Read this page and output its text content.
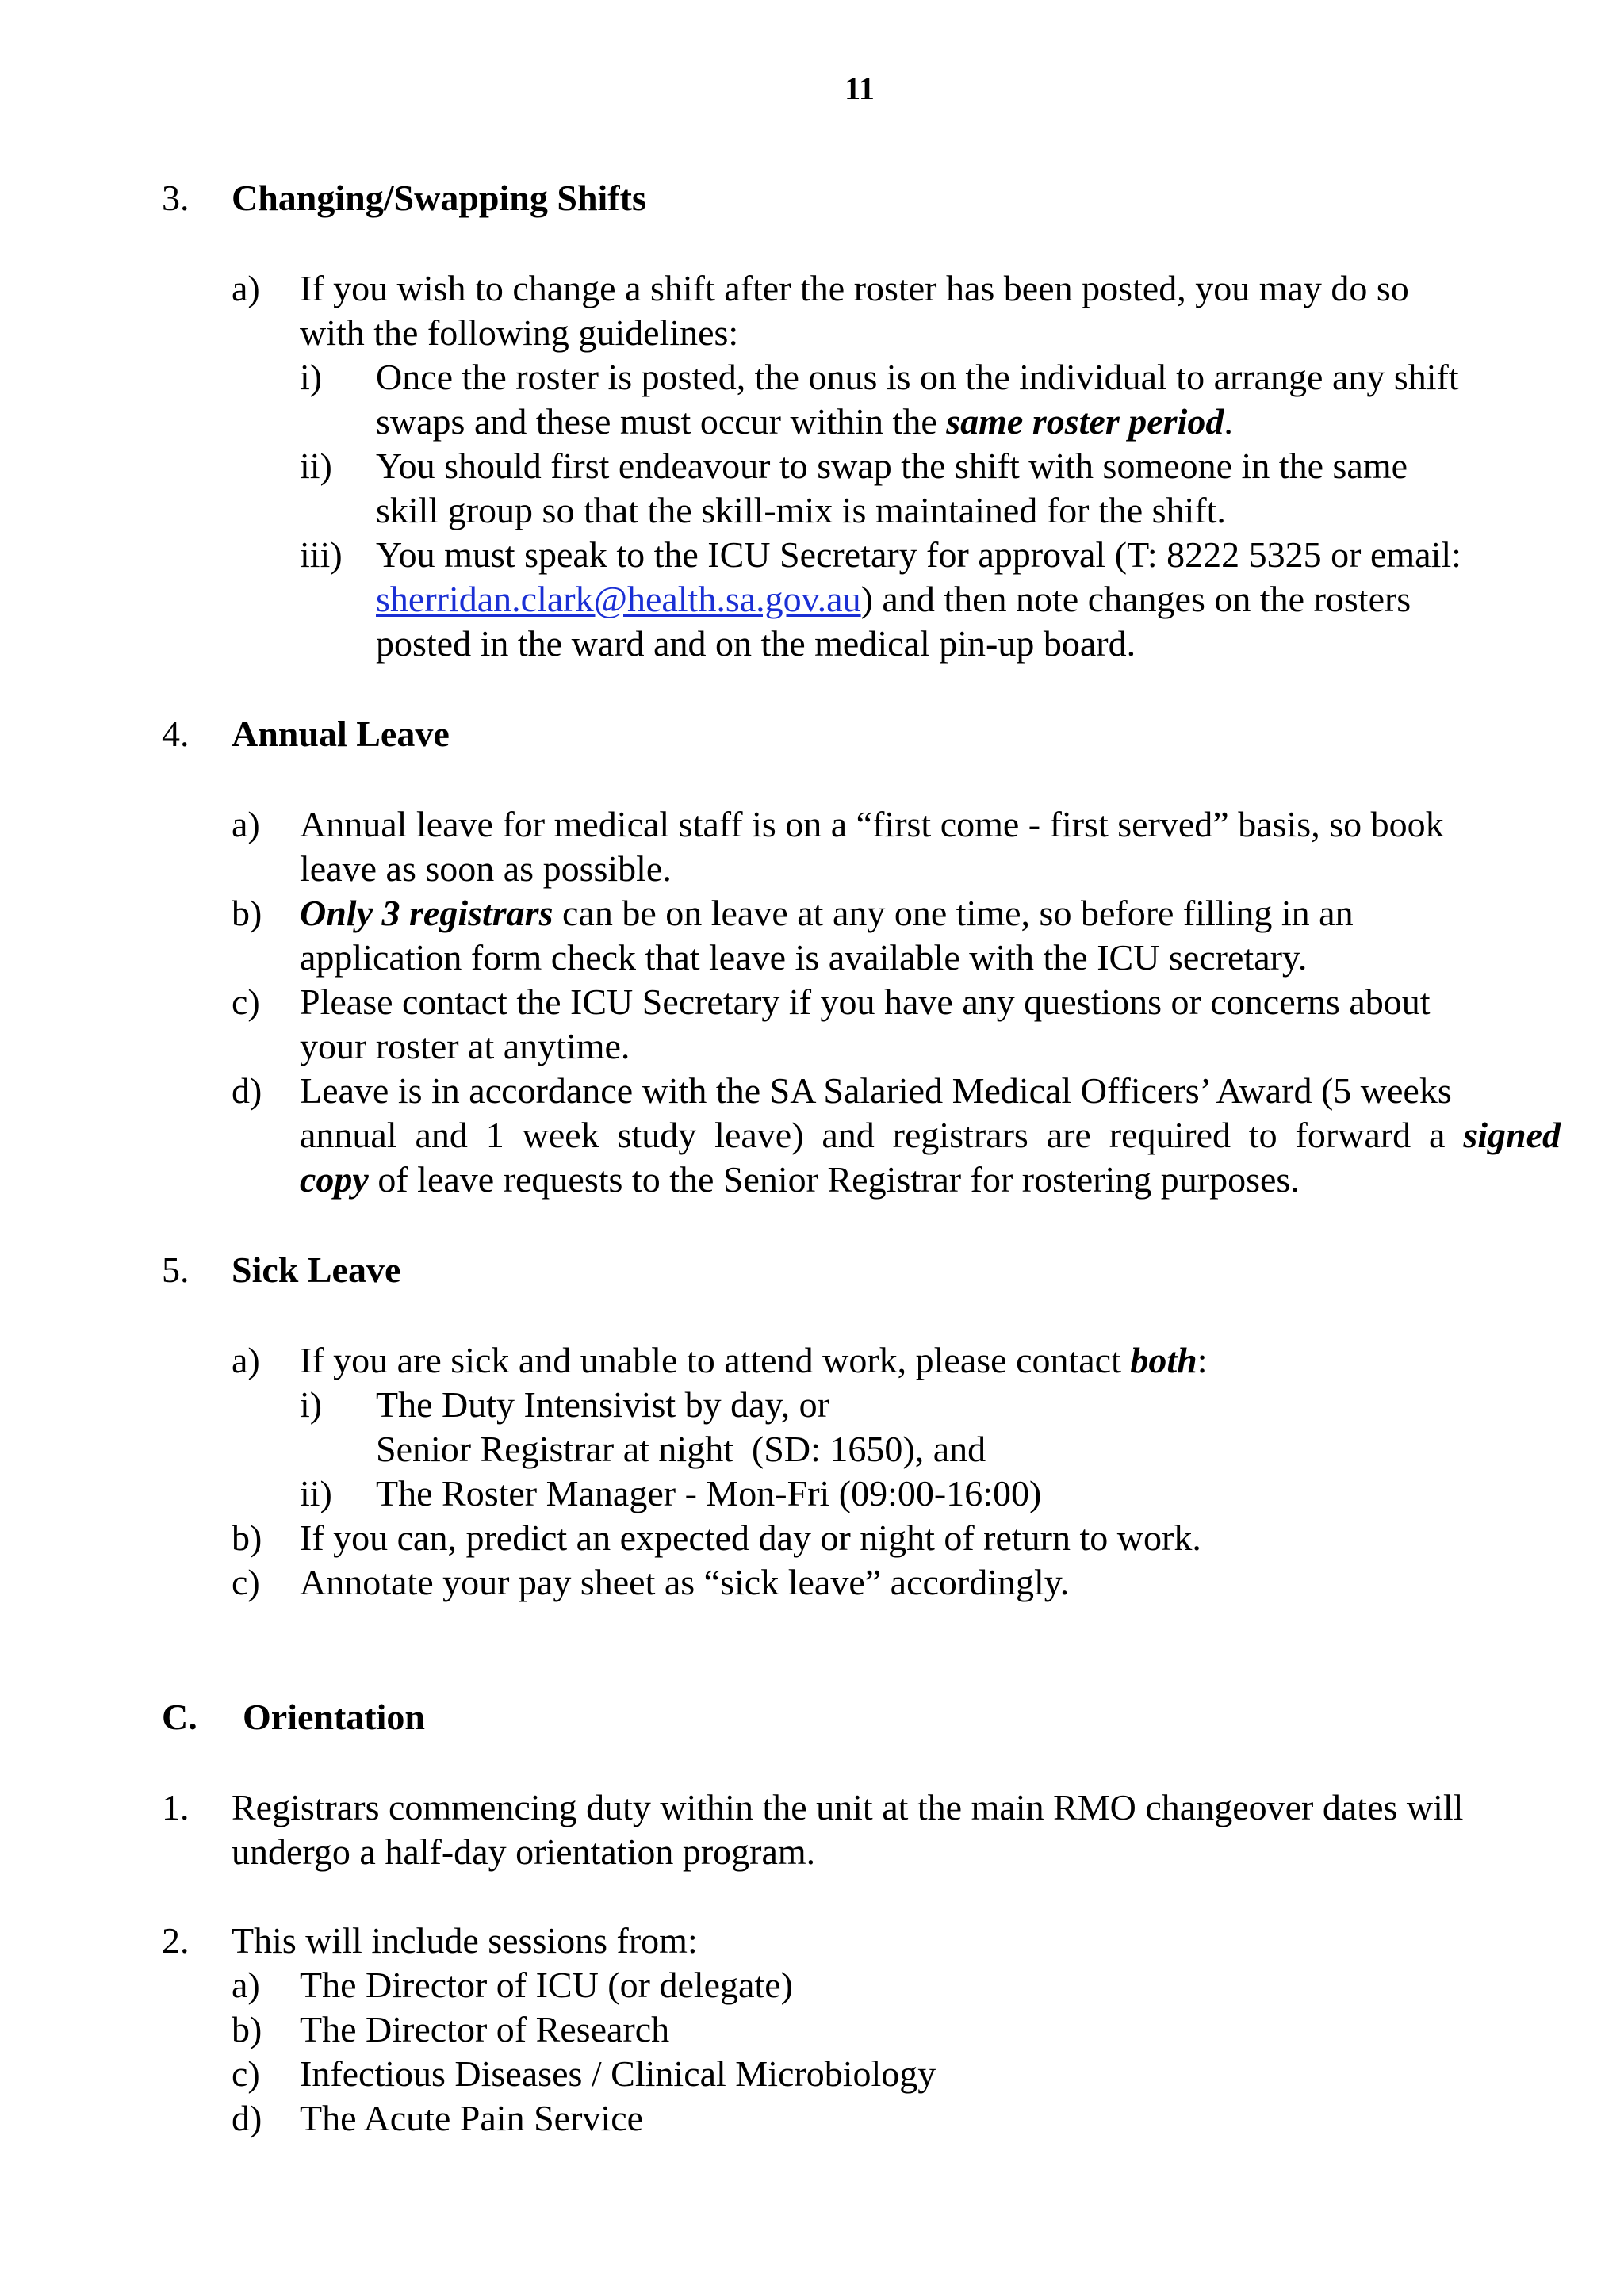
11
3. Changing/Swapping Shifts
a) If you wish to change a shift after the roster has been posted, you may do so
with the following guidelines:
i) Once the roster is posted, the onus is on the individual to arrange any shift
swaps and these must occur within the same roster period.
ii) You should first endeavour to swap the shift with someone in the same
skill group so that the skill-mix is maintained for the shift.
iii) You must speak to the ICU Secretary for approval (T: 8222 5325 or email:
sherridan.clark@health.sa.gov.au) and then note changes on the rosters
posted in the ward and on the medical pin-up board.
4. Annual Leave
a) Annual leave for medical staff is on a “first come - first served” basis, so book
leave as soon as possible.
b) Only 3 registrars can be on leave at any one time, so before filling in an
application form check that leave is available with the ICU secretary.
c) Please contact the ICU Secretary if you have any questions or concerns about
your roster at anytime.
d) Leave is in accordance with the SA Salaried Medical Officers’ Award (5 weeks
annual and 1 week study leave) and registrars are required to forward a signed
copy of leave requests to the Senior Registrar for rostering purposes.
5. Sick Leave
a) If you are sick and unable to attend work, please contact both:
i) The Duty Intensivist by day, or
Senior Registrar at night  (SD: 1650), and
ii) The Roster Manager - Mon-Fri (09:00-16:00)
b) If you can, predict an expected day or night of return to work.
c) Annotate your pay sheet as “sick leave” accordingly.
C. Orientation
1. Registrars commencing duty within the unit at the main RMO changeover dates will
undergo a half-day orientation program.
2. This will include sessions from:
a) The Director of ICU (or delegate)
b) The Director of Research
c) Infectious Diseases / Clinical Microbiology
d) The Acute Pain Service
